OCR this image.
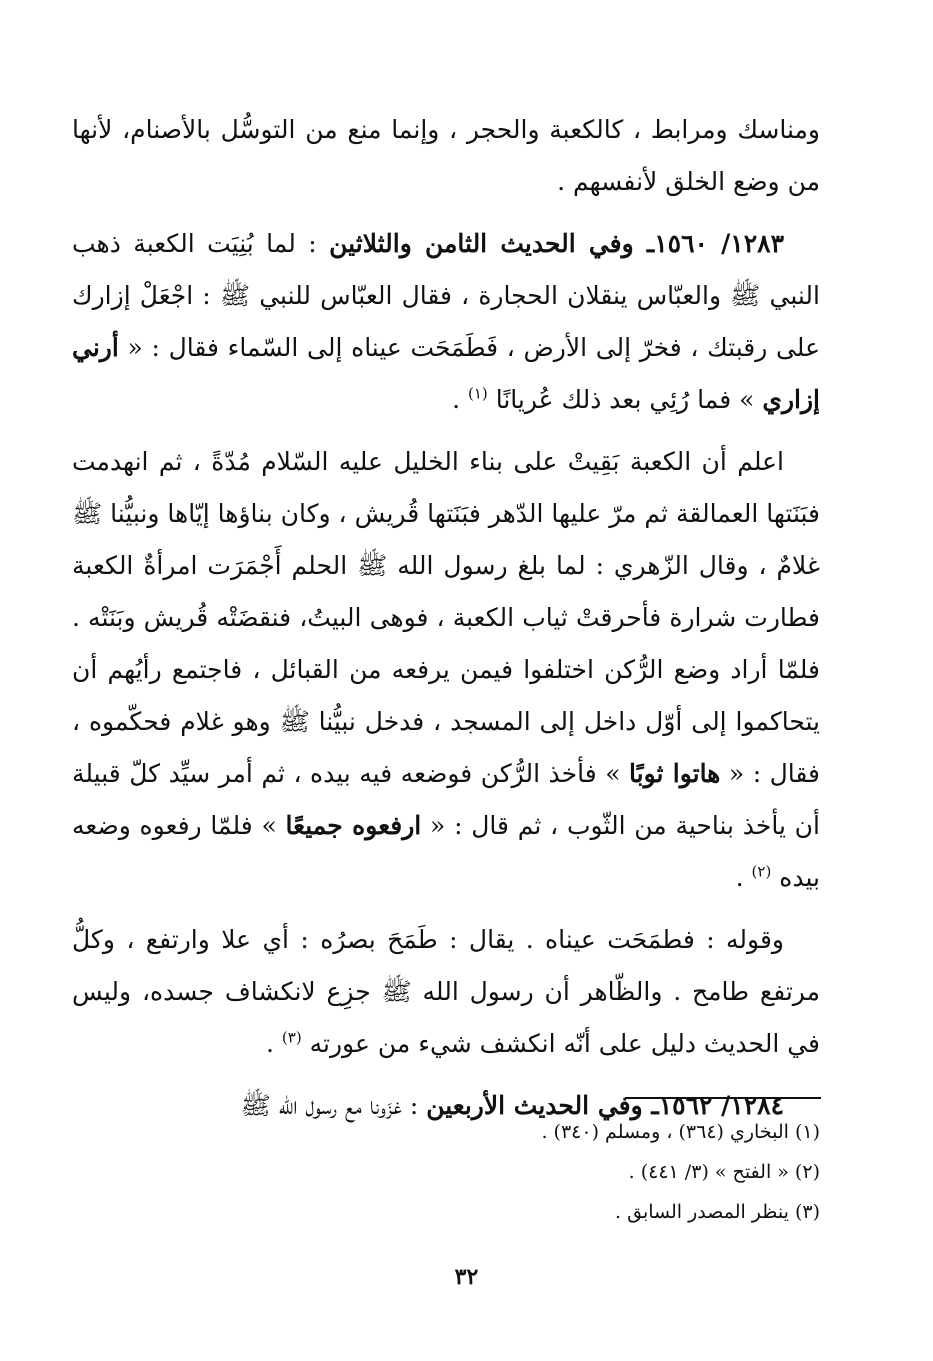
ومناسك ومرابط ، كالكعبة والحجر ، وإنما منع من التوسُّل بالأصنام، لأنها من وضع الخلق لأنفسهم .

١٢٨٣/ ١٥٦٠ـ وفي الحديث الثامن والثلاثين : لما بُنِيَت الكعبة ذهب النبي ﷺ والعبّاس ينقلان الحجارة ، فقال العبّاس للنبي ﷺ : اجْعَلْ إزارك على رقبتك ، فخرّ إلى الأرض ، فَطَمَحَت عيناه إلى السّماء فقال : « أرني إزاري » فما رُئِي بعد ذلك عُريانًا $^{(١)}$ .

اعلم أن الكعبة بَقِيتْ على بناء الخليل عليه السّلام مُدّةً ، ثم انهدمت فبَنَتها العمالقة ثم مرّ عليها الدّهر فبَنَتها قُريش ، وكان بناؤها إيّاها ونبيُّنا ﷺ غلامٌ ، وقال الزّهري : لما بلغ رسول الله ﷺ الحلم أَجْمَرَت امرأةٌ الكعبة فطارت شرارة فأحرقتْ ثياب الكعبة ، فوهى البيتُ، فنقضَتْه قُريش وبَنَتْه . فلمّا أراد وضع الرُّكن اختلفوا فيمن يرفعه من القبائل ، فاجتمع رأيُهم أن يتحاكموا إلى أوّل داخل إلى المسجد ، فدخل نبيُّنا ﷺ وهو غلام فحكّموه ، فقال : « هاتوا ثوبًا » فأخذ الرُّكن فوضعه فيه بيده ، ثم أمر سيِّد كلّ قبيلة أن يأخذ بناحية من الثّوب ، ثم قال : « ارفعوه جميعًا » فلمّا رفعوه وضعه بيده $^{(٢)}$ .

وقوله : فطمَحَت عيناه . يقال : طَمَحَ بصرُه : أي علا وارتفع ، وكلُّ مرتفع طامح . والظّاهر أن رسول الله ﷺ جزِع لانكشاف جسده، وليس في الحديث دليل على أنّه انكشف شيء من عورته $^{(٣)}$ .

١٢٨٤/ ١٥٦٢ـ وفي الحديث الأربعين : غزَونا مع رسول الله ﷺ

(١) البخاري (٣٦٤) ، ومسلم (٣٤٠) .

(٢) « الفتح » (٣/ ٤٤١) .

(٣) ينظر المصدر السابق .

٣٢
